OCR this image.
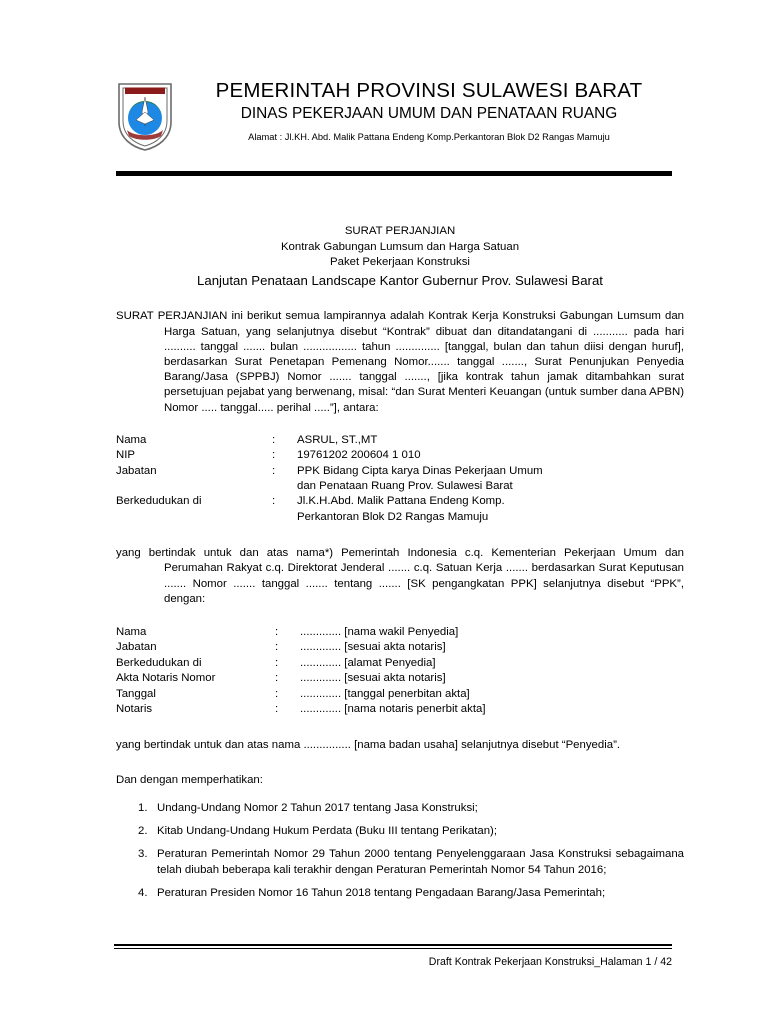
PEMERINTAH PROVINSI SULAWESI BARAT
DINAS PEKERJAAN UMUM DAN PENATAAN RUANG
Alamat : Jl.KH. Abd. Malik Pattana Endeng Komp.Perkantoran Blok D2 Rangas Mamuju
SURAT PERJANJIAN
Kontrak Gabungan Lumsum dan Harga Satuan
Paket Pekerjaan Konstruksi
Lanjutan Penataan Landscape Kantor Gubernur Prov. Sulawesi Barat
SURAT PERJANJIAN ini berikut semua lampirannya adalah Kontrak Kerja Konstruksi Gabungan Lumsum dan Harga Satuan, yang selanjutnya disebut “Kontrak” dibuat dan ditandatangani di ........... pada hari .......... tanggal ....... bulan ................. tahun .............. [tanggal, bulan dan tahun diisi dengan huruf], berdasarkan Surat Penetapan Pemenang Nomor....... tanggal ......., Surat Penunjukan Penyedia Barang/Jasa (SPPBJ) Nomor ....... tanggal ......., [jika kontrak tahun jamak ditambahkan surat persetujuan pejabat yang berwenang, misal: “dan Surat Menteri Keuangan (untuk sumber dana APBN) Nomor ..... tanggal..... perihal .....”], antara:
Nama	:	ASRUL, ST.,MT
NIP	:	19761202 200604 1 010
Jabatan	:	PPK Bidang Cipta karya Dinas Pekerjaan Umum
dan Penataan Ruang Prov. Sulawesi Barat
Berkedudukan di	:	Jl.K.H.Abd. Malik Pattana Endeng Komp.
Perkantoran Blok D2 Rangas Mamuju
yang bertindak untuk dan atas nama*) Pemerintah Indonesia c.q. Kementerian Pekerjaan Umum dan Perumahan Rakyat c.q. Direktorat Jenderal ....... c.q. Satuan Kerja ....... berdasarkan Surat Keputusan ....... Nomor ....... tanggal ....... tentang ....... [SK pengangkatan PPK] selanjutnya disebut “PPK”, dengan:
Nama	:	............. [nama wakil Penyedia]
Jabatan	:	............. [sesuai akta notaris]
Berkedudukan di	:	............. [alamat Penyedia]
Akta Notaris Nomor	:	............. [sesuai akta notaris]
Tanggal	:	............. [tanggal penerbitan akta]
Notaris	:	............. [nama notaris penerbit akta]
yang bertindak untuk dan atas nama ............... [nama badan usaha] selanjutnya disebut “Penyedia”.
Dan dengan memperhatikan:
1. Undang-Undang Nomor 2 Tahun 2017 tentang Jasa Konstruksi;
2. Kitab Undang-Undang Hukum Perdata (Buku III tentang Perikatan);
3. Peraturan Pemerintah Nomor 29 Tahun 2000 tentang Penyelenggaraan Jasa Konstruksi sebagaimana telah diubah beberapa kali terakhir dengan Peraturan Pemerintah Nomor 54 Tahun 2016;
4. Peraturan Presiden Nomor 16 Tahun 2018 tentang Pengadaan Barang/Jasa Pemerintah;
Draft Kontrak Pekerjaan Konstruksi_Halaman 1 / 42
